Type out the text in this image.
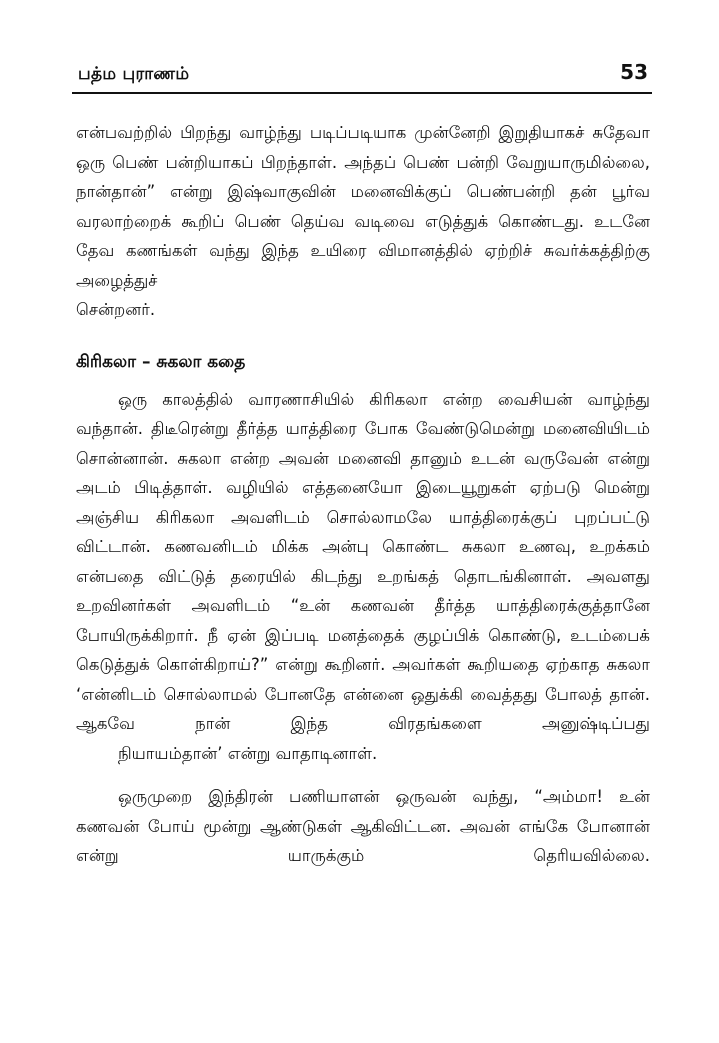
பத்ம புராணம்	53

என்பவற்றில் பிறந்து வாழ்ந்து படிப்படியாக முன்னேறி இறுதியாகச் சுதேவா ஒரு பெண் பன்றியாகப் பிறந்தாள். அந்தப் பெண் பன்றி வேறுயாருமில்லை, நான்தான்” என்று இஷ்வாகுவின் மனைவிக்குப் பெண்பன்றி தன் பூர்வ வரலாற்றைக் கூறிப் பெண் தெய்வ வடிவை எடுத்துக் கொண்டது. உடனே தேவ கணங்கள் வந்து இந்த உயிரை விமானத்தில் ஏற்றிச் சுவர்க்கத்திற்கு அழைத்துச்
சென்றனர்.

கிரிகலா – சுகலா கதை

ஒரு காலத்தில் வாரணாசியில் கிரிகலா என்ற வைசியன் வாழ்ந்து வந்தான். திடீரென்று தீர்த்த யாத்திரை போக வேண்டுமென்று மனைவியிடம் சொன்னான். சுகலா என்ற அவன் மனைவி தானும் உடன் வருவேன் என்று அடம் பிடித்தாள். வழியில் எத்தனையோ இடையூறுகள் ஏற்படு மென்று அஞ்சிய கிரிகலா அவளிடம் சொல்லாமலே யாத்திரைக்குப் புறப்பட்டு விட்டான். கணவனிடம் மிக்க அன்பு கொண்ட சுகலா உணவு, உறக்கம் என்பதை விட்டுத் தரையில் கிடந்து உறங்கத் தொடங்கினாள். அவளது உறவினர்கள் அவளிடம் “உன் கணவன் தீர்த்த யாத்திரைக்குத்தானே போயிருக்கிறார். நீ ஏன் இப்படி மனத்தைக் குழப்பிக் கொண்டு, உடம்பைக் கெடுத்துக் கொள்கிறாய்?” என்று கூறினர். அவர்கள் கூறியதை ஏற்காத சுகலா ‘என்னிடம் சொல்லாமல் போனதே என்னை ஒதுக்கி வைத்தது போலத் தான். ஆகவே நான் இந்த விரதங்களை அனுஷ்டிப்பது
நியாயம்தான்’ என்று வாதாடினாள்.

ஒருமுறை இந்திரன் பணியாளன் ஒருவன் வந்து, “அம்மா! உன் கணவன் போய் மூன்று ஆண்டுகள் ஆகிவிட்டன. அவன் எங்கே போனான் என்று யாருக்கும் தெரியவில்லை.
